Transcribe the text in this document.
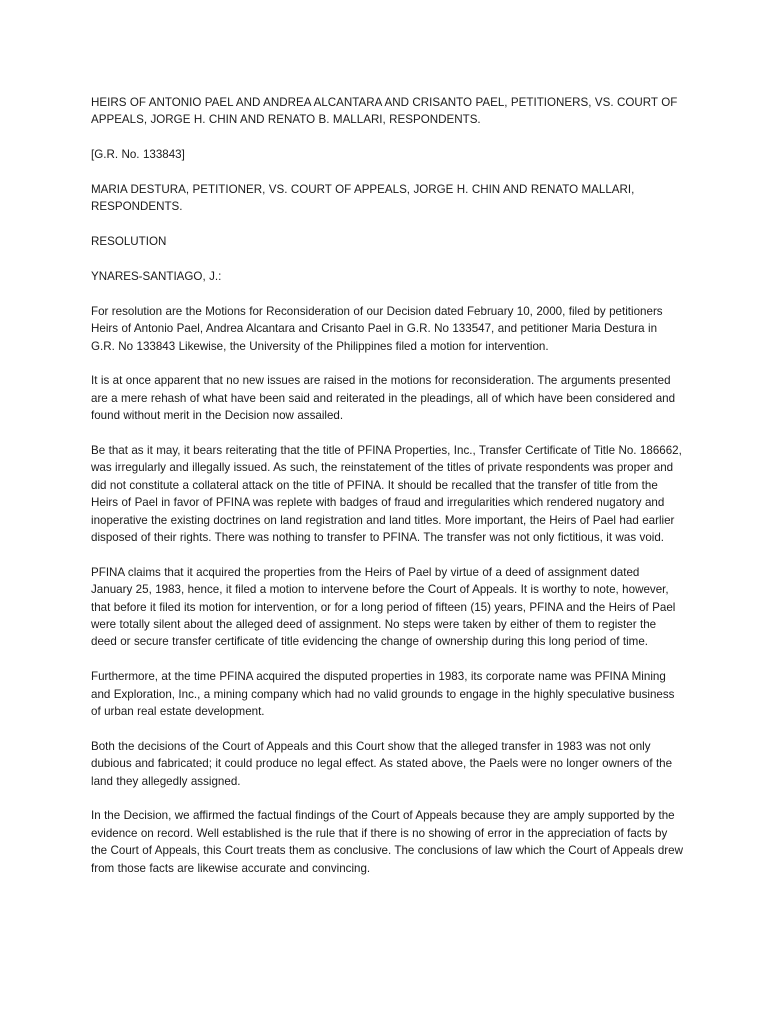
HEIRS OF ANTONIO PAEL AND ANDREA ALCANTARA AND CRISANTO PAEL, PETITIONERS, VS. COURT OF APPEALS, JORGE H. CHIN AND RENATO B. MALLARI, RESPONDENTS.

[G.R. No. 133843]

MARIA DESTURA, PETITIONER, VS. COURT OF APPEALS, JORGE H. CHIN AND RENATO MALLARI, RESPONDENTS.

RESOLUTION

YNARES-SANTIAGO, J.:

For resolution are the Motions for Reconsideration of our Decision dated February 10, 2000, filed by petitioners Heirs of Antonio Pael, Andrea Alcantara and Crisanto Pael in G.R. No 133547, and petitioner Maria Destura in G.R. No 133843 Likewise, the University of the Philippines filed a motion for intervention.

It is at once apparent that no new issues are raised in the motions for reconsideration. The arguments presented are a mere rehash of what have been said and reiterated in the pleadings, all of which have been considered and found without merit in the Decision now assailed.

Be that as it may, it bears reiterating that the title of PFINA Properties, Inc., Transfer Certificate of Title No. 186662, was irregularly and illegally issued. As such, the reinstatement of the titles of private respondents was proper and did not constitute a collateral attack on the title of PFINA. It should be recalled that the transfer of title from the Heirs of Pael in favor of PFINA was replete with badges of fraud and irregularities which rendered nugatory and inoperative the existing doctrines on land registration and land titles. More important, the Heirs of Pael had earlier disposed of their rights. There was nothing to transfer to PFINA. The transfer was not only fictitious, it was void.

PFINA claims that it acquired the properties from the Heirs of Pael by virtue of a deed of assignment dated January 25, 1983, hence, it filed a motion to intervene before the Court of Appeals. It is worthy to note, however, that before it filed its motion for intervention, or for a long period of fifteen (15) years, PFINA and the Heirs of Pael were totally silent about the alleged deed of assignment. No steps were taken by either of them to register the deed or secure transfer certificate of title evidencing the change of ownership during this long period of time.

Furthermore, at the time PFINA acquired the disputed properties in 1983, its corporate name was PFINA Mining and Exploration, Inc., a mining company which had no valid grounds to engage in the highly speculative business of urban real estate development.

Both the decisions of the Court of Appeals and this Court show that the alleged transfer in 1983 was not only dubious and fabricated; it could produce no legal effect. As stated above, the Paels were no longer owners of the land they allegedly assigned.

In the Decision, we affirmed the factual findings of the Court of Appeals because they are amply supported by the evidence on record. Well established is the rule that if there is no showing of error in the appreciation of facts by the Court of Appeals, this Court treats them as conclusive. The conclusions of law which the Court of Appeals drew from those facts are likewise accurate and convincing.
